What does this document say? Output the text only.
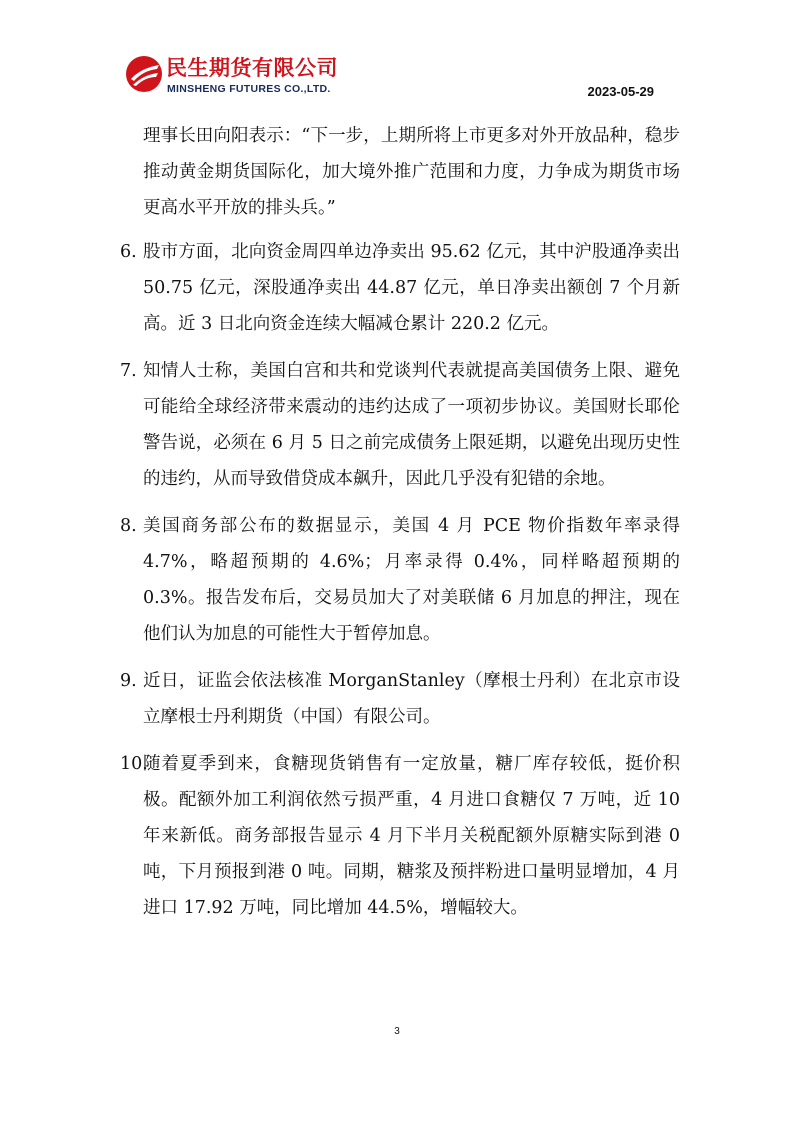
民生期货有限公司
MINSHENG FUTURES CO.,LTD.	2023-05-29

理事长田向阳表示：“下一步，上期所将上市更多对外开放品种，稳步推动黄金期货国际化，加大境外推广范围和力度，力争成为期货市场更高水平开放的排头兵。”

6. 股市方面，北向资金周四单边净卖出 95.62 亿元，其中沪股通净卖出 50.75 亿元，深股通净卖出 44.87 亿元，单日净卖出额创 7 个月新高。近 3 日北向资金连续大幅减仓累计 220.2 亿元。

7. 知情人士称，美国白宫和共和党谈判代表就提高美国债务上限、避免可能给全球经济带来震动的违约达成了一项初步协议。美国财长耶伦警告说，必须在 6 月 5 日之前完成债务上限延期，以避免出现历史性的违约，从而导致借贷成本飙升，因此几乎没有犯错的余地。

8. 美国商务部公布的数据显示，美国 4 月 PCE 物价指数年率录得 4.7%，略超预期的 4.6%；月率录得 0.4%，同样略超预期的 0.3%。报告发布后，交易员加大了对美联储 6 月加息的押注，现在他们认为加息的可能性大于暂停加息。

9. 近日，证监会依法核准 MorganStanley（摩根士丹利）在北京市设立摩根士丹利期货（中国）有限公司。

10.
随着夏季到来，食糖现货销售有一定放量，糖厂库存较低，挺价积极。配额外加工利润依然亏损严重，4 月进口食糖仅 7 万吨，近 10 年来新低。商务部报告显示 4 月下半月关税配额外原糖实际到港 0 吨，下月预报到港 0 吨。同期，糖浆及预拌粉进口量明显增加，4 月进口 17.92 万吨，同比增加 44.5%，增幅较大。

3
